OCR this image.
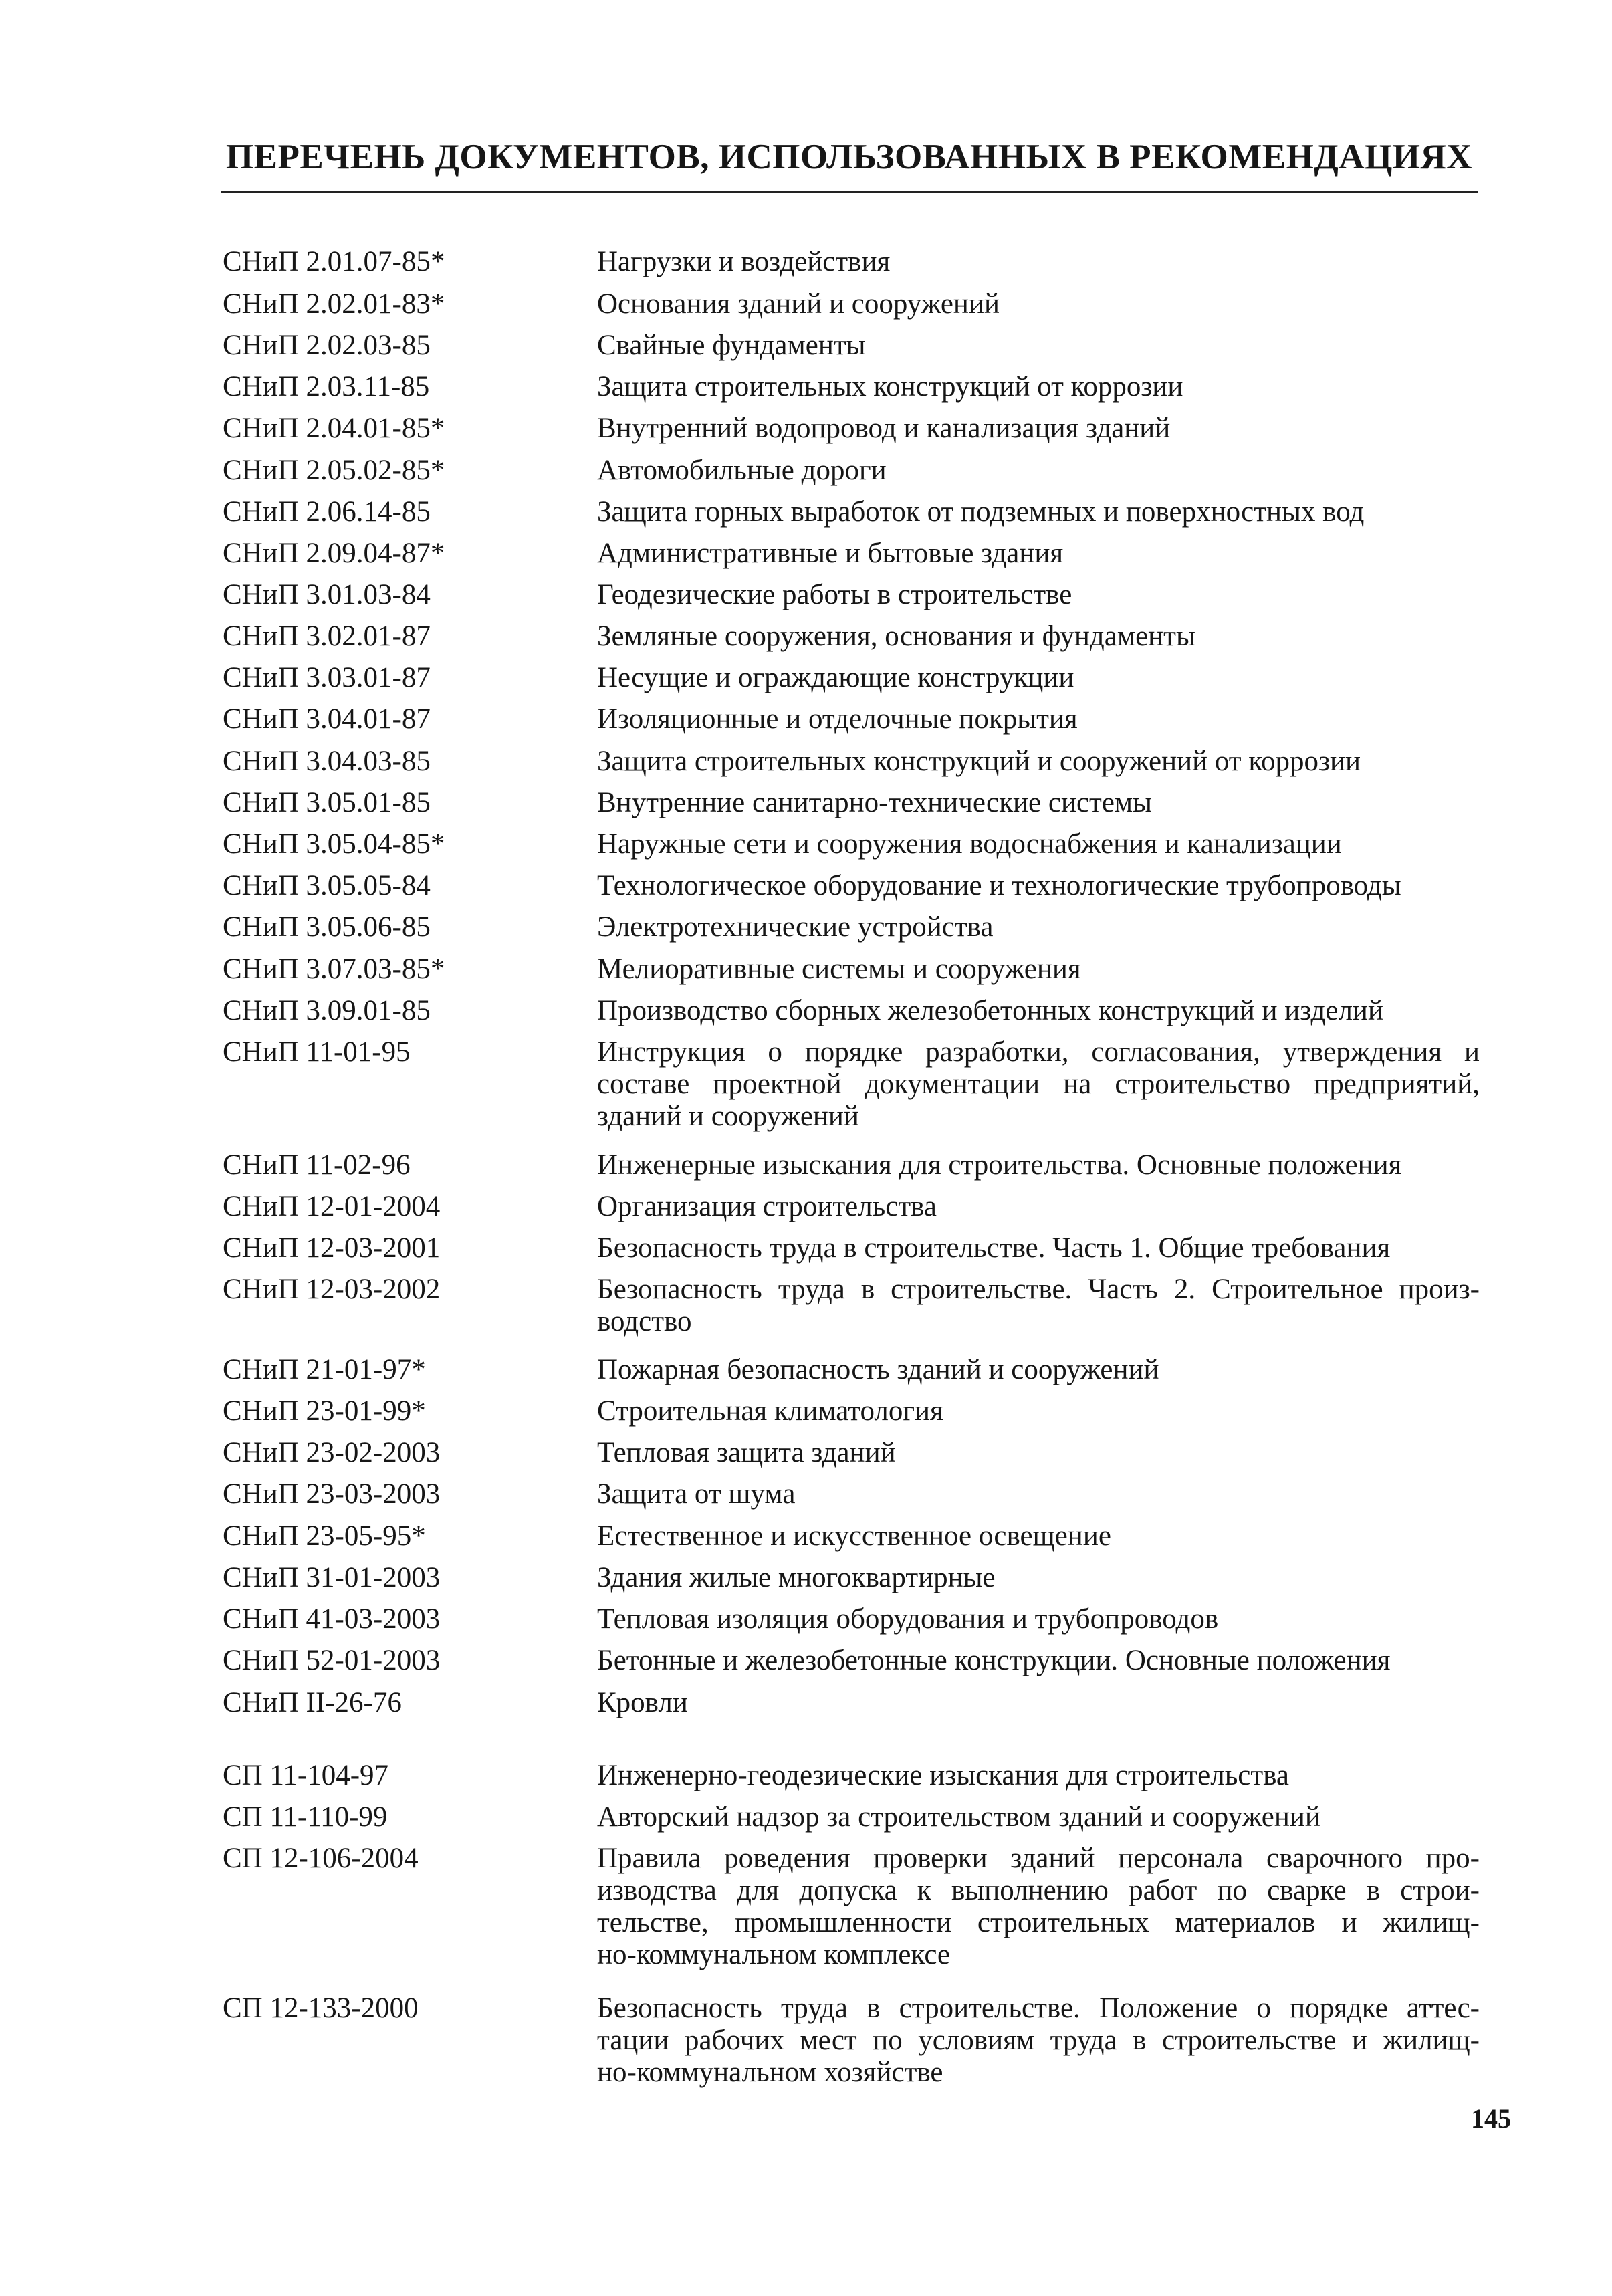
ПЕРЕЧЕНЬ ДОКУМЕНТОВ, ИСПОЛЬЗОВАННЫХ В РЕКОМЕНДАЦИЯХ
СНиП 2.01.07-85*	Нагрузки и воздействия
СНиП 2.02.01-83*	Основания зданий и сооружений
СНиП 2.02.03-85	Свайные фундаменты
СНиП 2.03.11-85	Защита строительных конструкций от коррозии
СНиП 2.04.01-85*	Внутренний водопровод и канализация зданий
СНиП 2.05.02-85*	Автомобильные дороги
СНиП 2.06.14-85	Защита горных выработок от подземных и поверхностных вод
СНиП 2.09.04-87*	Административные и бытовые здания
СНиП 3.01.03-84	Геодезические работы в строительстве
СНиП 3.02.01-87	Земляные сооружения, основания и фундаменты
СНиП 3.03.01-87	Несущие и ограждающие конструкции
СНиП 3.04.01-87	Изоляционные и отделочные покрытия
СНиП 3.04.03-85	Защита строительных конструкций и сооружений от коррозии
СНиП 3.05.01-85	Внутренние санитарно-технические системы
СНиП 3.05.04-85*	Наружные сети и сооружения водоснабжения и канализации
СНиП 3.05.05-84	Технологическое оборудование и технологические трубопроводы
СНиП 3.05.06-85	Электротехнические устройства
СНиП 3.07.03-85*	Мелиоративные системы и сооружения
СНиП 3.09.01-85	Производство сборных железобетонных конструкций и изделий
СНиП 11-01-95	Инструкция о порядке разработки, согласования, утверждения и
составе проектной документации на строительство предприятий,
зданий и сооружений
СНиП 11-02-96	Инженерные изыскания для строительства. Основные положения
СНиП 12-01-2004	Организация строительства
СНиП 12-03-2001	Безопасность труда в строительстве. Часть 1. Общие требования
СНиП 12-03-2002	Безопасность труда в строительстве. Часть 2. Строительное произ-
водство
СНиП 21-01-97*	Пожарная безопасность зданий и сооружений
СНиП 23-01-99*	Строительная климатология
СНиП 23-02-2003	Тепловая защита зданий
СНиП 23-03-2003	Защита от шума
СНиП 23-05-95*	Естественное и искусственное освещение
СНиП 31-01-2003	Здания жилые многоквартирные
СНиП 41-03-2003	Тепловая изоляция оборудования и трубопроводов
СНиП 52-01-2003	Бетонные и железобетонные конструкции. Основные положения
СНиП II-26-76	Кровли
СП 11-104-97	Инженерно-геодезические изыскания для строительства
СП 11-110-99	Авторский надзор за строительством зданий и сооружений
СП 12-106-2004	Правила роведения проверки зданий персонала сварочного про-
изводства для допуска к выполнению работ по сварке в строи-
тельстве, промышленности строительных материалов и жилищ-
но-коммунальном комплексе
СП 12-133-2000	Безопасность труда в строительстве. Положение о порядке аттес-
тации рабочих мест по условиям труда в строительстве и жилищ-
но-коммунальном хозяйстве
145
